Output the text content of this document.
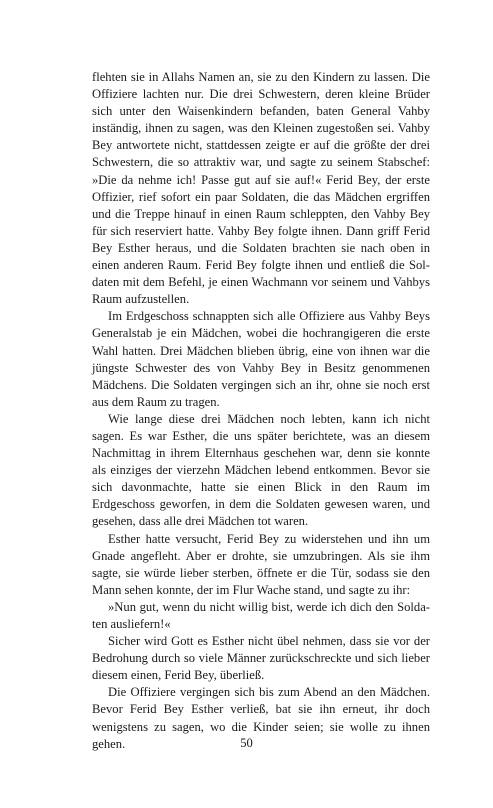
flehten sie in Allahs Namen an, sie zu den Kindern zu lassen. Die Offiziere lachten nur. Die drei Schwestern, deren kleine Brüder sich unter den Waisenkindern befanden, baten General Vahby inständig, ihnen zu sagen, was den Kleinen zugestoßen sei. Vahby Bey antwortete nicht, stattdessen zeigte er auf die größte der drei Schwestern, die so attraktiv war, und sagte zu seinem Stabschef: »Die da nehme ich! Passe gut auf sie auf!« Ferid Bey, der erste Offizier, rief sofort ein paar Soldaten, die das Mädchen ergriffen und die Treppe hinauf in einen Raum schleppten, den Vahby Bey für sich reserviert hatte. Vahby Bey folgte ihnen. Dann griff Ferid Bey Esther heraus, und die Soldaten brachten sie nach oben in einen anderen Raum. Ferid Bey folgte ihnen und entließ die Soldaten mit dem Befehl, je einen Wachmann vor seinem und Vahbys Raum aufzustellen.

Im Erdgeschoss schnappten sich alle Offiziere aus Vahby Beys Generalstab je ein Mädchen, wobei die hochrangigeren die erste Wahl hatten. Drei Mädchen blieben übrig, eine von ihnen war die jüngste Schwester des von Vahby Bey in Besitz genommenen Mädchens. Die Soldaten vergingen sich an ihr, ohne sie noch erst aus dem Raum zu tragen.

Wie lange diese drei Mädchen noch lebten, kann ich nicht sagen. Es war Esther, die uns später berichtete, was an diesem Nachmittag in ihrem Elternhaus geschehen war, denn sie konnte als einziges der vierzehn Mädchen lebend entkommen. Bevor sie sich davonmachte, hatte sie einen Blick in den Raum im Erdgeschoss geworfen, in dem die Soldaten gewesen waren, und gesehen, dass alle drei Mädchen tot waren.

Esther hatte versucht, Ferid Bey zu widerstehen und ihn um Gnade angefleht. Aber er drohte, sie umzubringen. Als sie ihm sagte, sie würde lieber sterben, öffnete er die Tür, sodass sie den Mann sehen konnte, der im Flur Wache stand, und sagte zu ihr:

»Nun gut, wenn du nicht willig bist, werde ich dich den Soldaten ausliefern!«

Sicher wird Gott es Esther nicht übel nehmen, dass sie vor der Bedrohung durch so viele Männer zurückschreckte und sich lieber diesem einen, Ferid Bey, überließ.

Die Offiziere vergingen sich bis zum Abend an den Mädchen. Bevor Ferid Bey Esther verließ, bat sie ihn erneut, ihr doch wenigstens zu sagen, wo die Kinder seien; sie wolle zu ihnen gehen.	50
